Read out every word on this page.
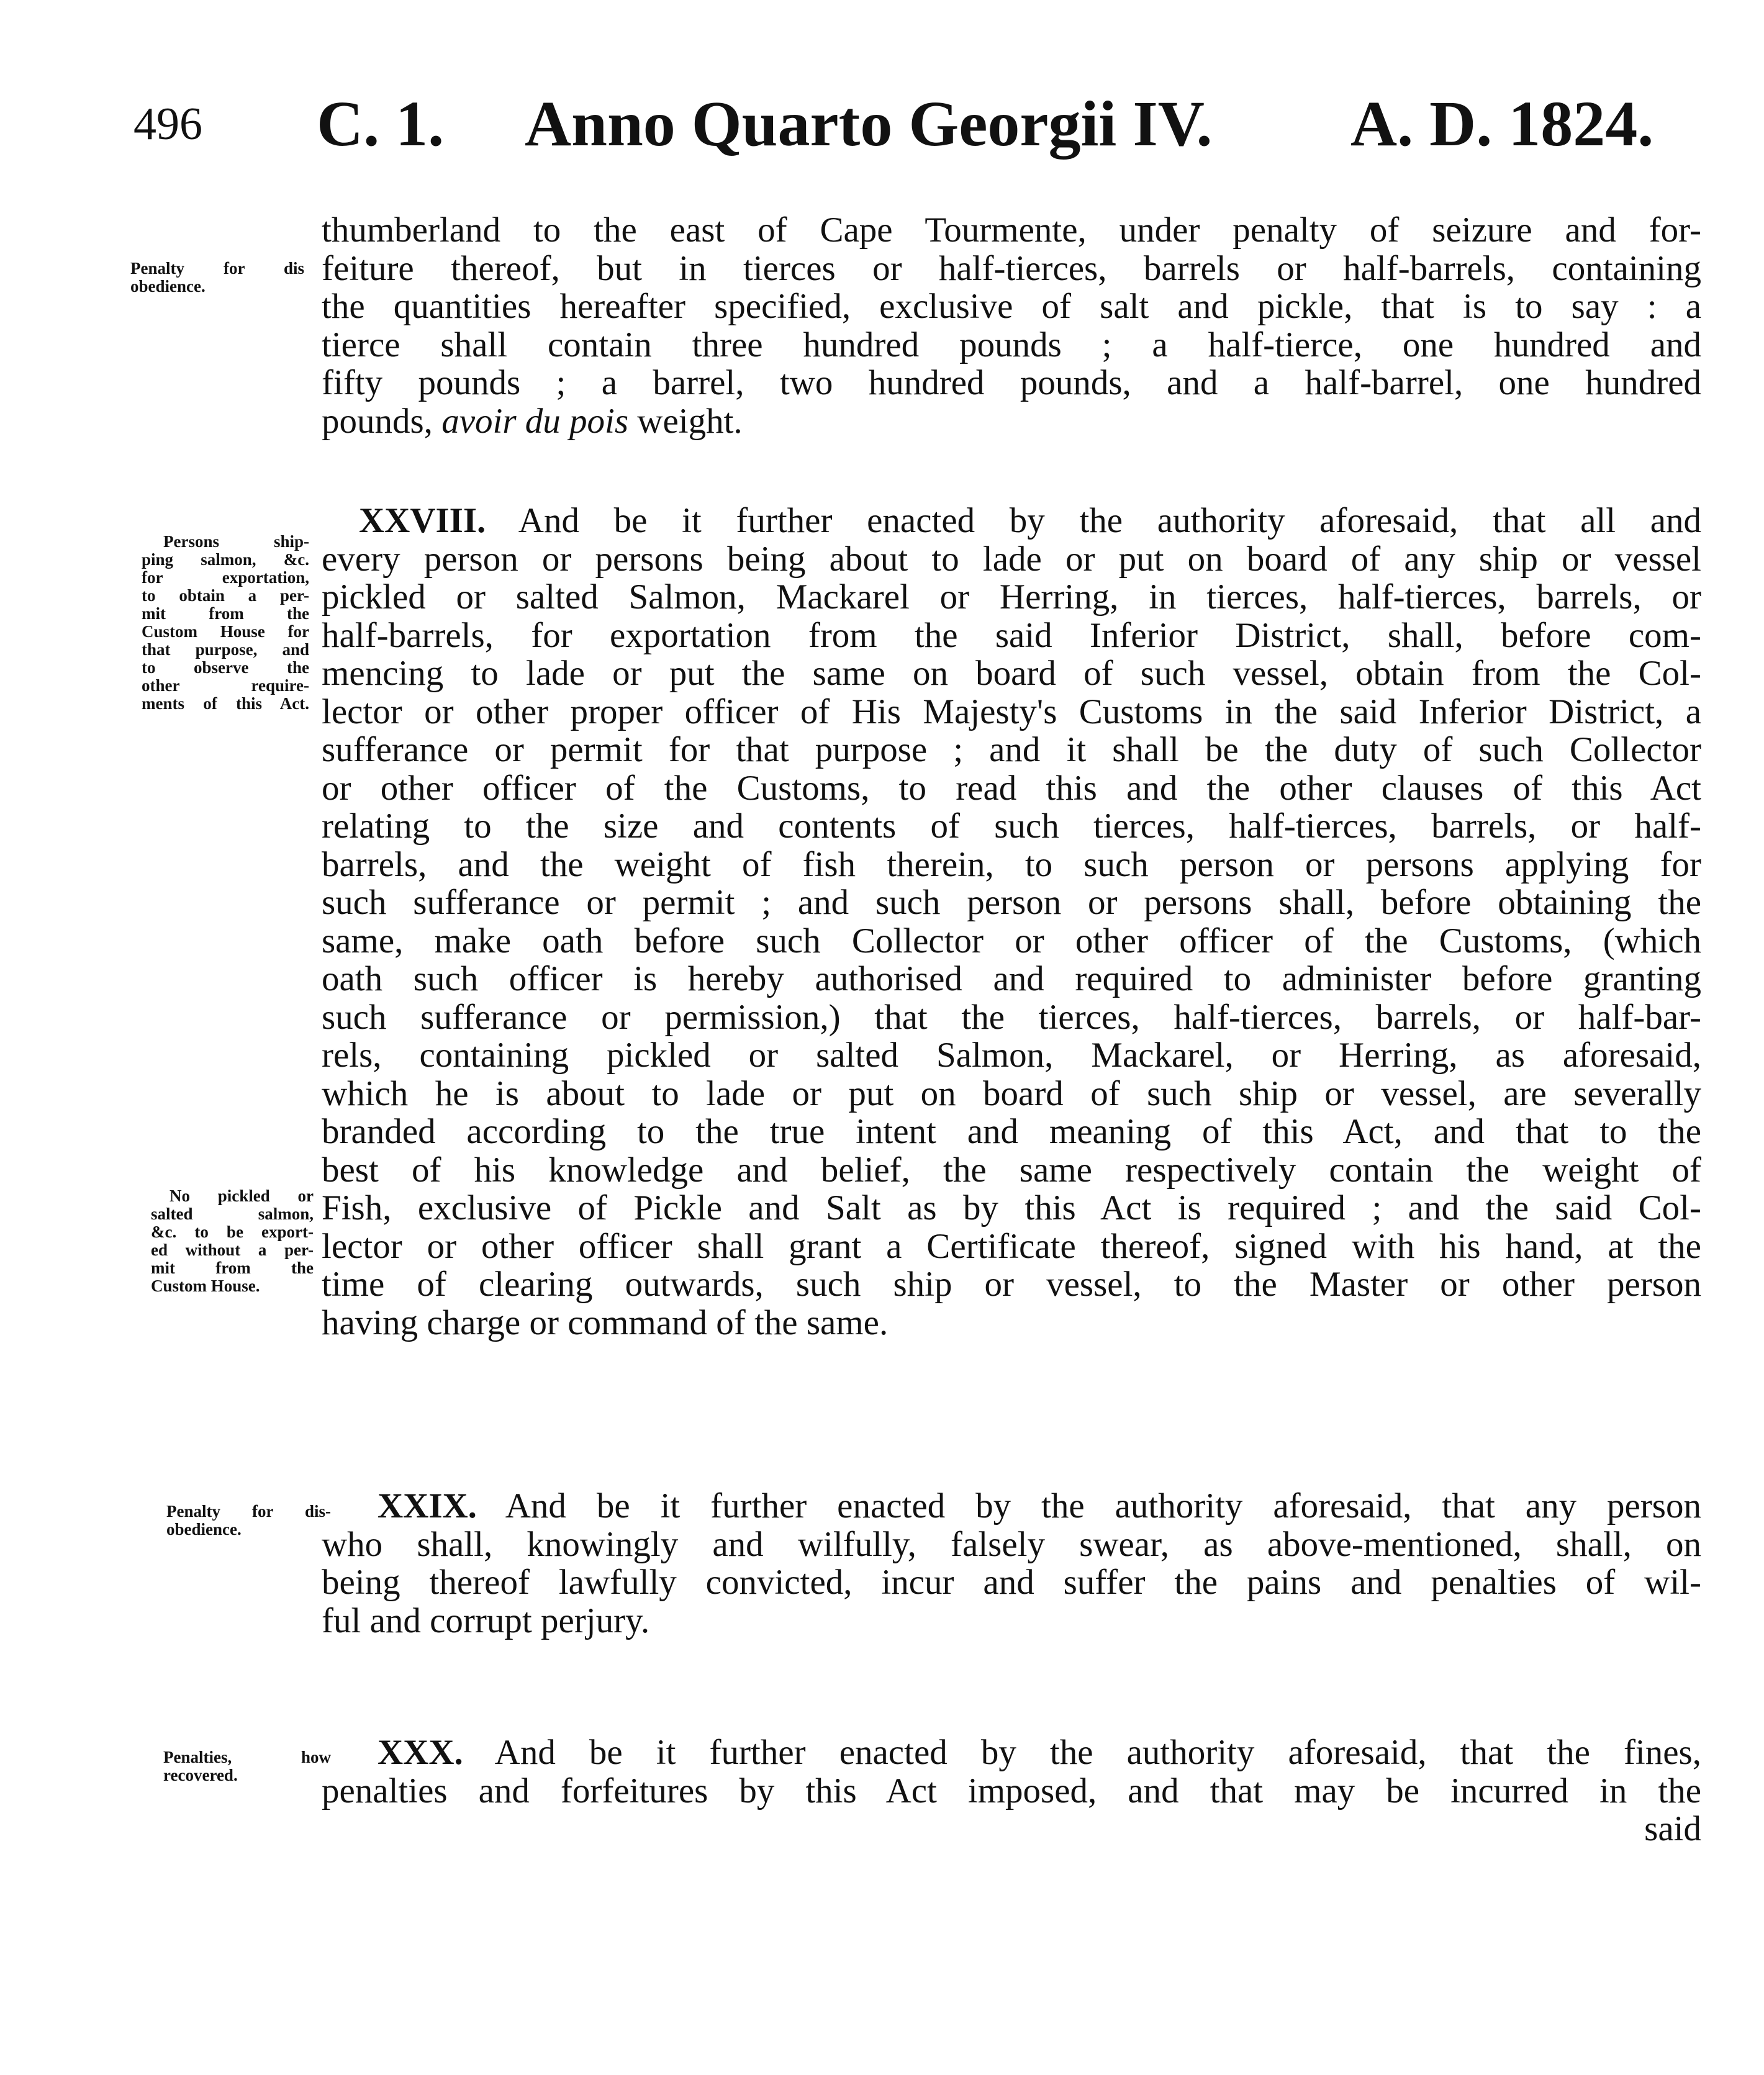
496 C. 1. Anno Quarto Georgii IV. A. D. 1824.
Penalty for dis
obedience.
Persons ship-
ping salmon, &c.
for exportation,
to obtain a per-
mit from the
Custom House for
that purpose, and
to observe the
other require-
ments of this Act.
No pickled or
salted salmon,
&c. to be export-
ed without a per-
mit from the
Custom House.
Penalty for dis-
obedience.
Penalties, how
recovered.
thumberland to the east of Cape Tourmente, under penalty of seizure and for-
feiture thereof, but in tierces or half-tierces, barrels or half-barrels, containing
the quantities hereafter specified, exclusive of salt and pickle, that is to say : a
tierce shall contain three hundred pounds ; a half-tierce, one hundred and
fifty pounds ; a barrel, two hundred pounds, and a half-barrel, one hundred
pounds, avoir du pois weight.
XXVIII. And be it further enacted by the authority aforesaid, that all and
every person or persons being about to lade or put on board of any ship or vessel
pickled or salted Salmon, Mackarel or Herring, in tierces, half-tierces, barrels, or
half-barrels, for exportation from the said Inferior District, shall, before com-
mencing to lade or put the same on board of such vessel, obtain from the Col-
lector or other proper officer of His Majesty's Customs in the said Inferior District, a
sufferance or permit for that purpose ; and it shall be the duty of such Collector
or other officer of the Customs, to read this and the other clauses of this Act
relating to the size and contents of such tierces, half-tierces, barrels, or half-
barrels, and the weight of fish therein, to such person or persons applying for
such sufferance or permit ; and such person or persons shall, before obtaining the
same, make oath before such Collector or other officer of the Customs, (which
oath such officer is hereby authorised and required to administer before granting
such sufferance or permission,) that the tierces, half-tierces, barrels, or half-bar-
rels, containing pickled or salted Salmon, Mackarel, or Herring, as aforesaid,
which he is about to lade or put on board of such ship or vessel, are severally
branded according to the true intent and meaning of this Act, and that to the
best of his knowledge and belief, the same respectively contain the weight of
Fish, exclusive of Pickle and Salt as by this Act is required ; and the said Col-
lector or other officer shall grant a Certificate thereof, signed with his hand, at the
time of clearing outwards, such ship or vessel, to the Master or other person
having charge or command of the same.
XXIX. And be it further enacted by the authority aforesaid, that any person
who shall, knowingly and wilfully, falsely swear, as above-mentioned, shall, on
being thereof lawfully convicted, incur and suffer the pains and penalties of wil-
ful and corrupt perjury.
XXX. And be it further enacted by the authority aforesaid, that the fines,
penalties and forfeitures by this Act imposed, and that may be incurred in the
said
